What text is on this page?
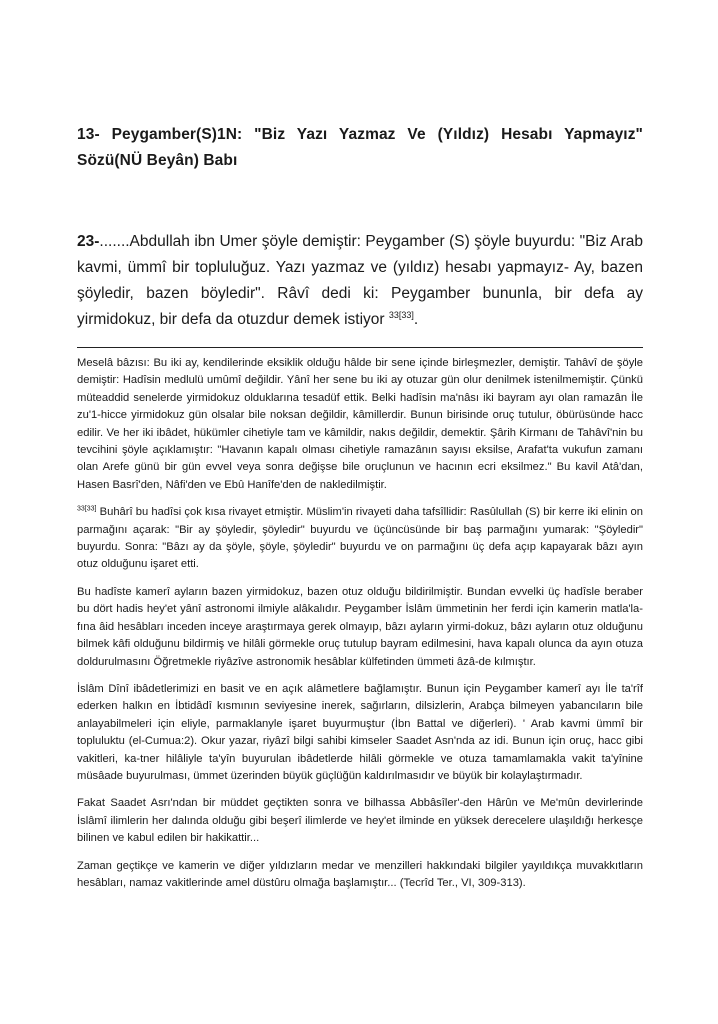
13- Peygamber(S)1N: "Biz Yazı Yazmaz Ve (Yıldız) Hesabı Yapmayız" Sözü(NÜ Beyân) Babı

23-.......Abdullah ibn Umer şöyle demiştir: Peygamber (S) şöyle buyurdu: "Biz Arab kavmi, ümmî bir topluluğuz. Yazı yazmaz ve (yıldız) hesabı yapmayız- Ay, bazen şöyledir, bazen böyledir". Râvî dedi ki: Peygamber bununla, bir defa ay yirmidokuz, bir defa da otuzdur demek istiyor $^{33[33]}$.

Meselâ bâzısı: Bu iki ay, kendilerinde eksiklik olduğu hâlde bir sene içinde birleşmezler, demiştir. Tahâvî de şöyle demiştir: Hadîsin medlulü umûmî değildir. Yânî her sene bu iki ay otuzar gün olur denilmek istenilmemiştir. Çünkü müteaddid senelerde yirmidokuz olduklarına tesadüf ettik. Belki hadîsin ma'nâsı iki bayram ayı olan ramazân İle zu'1-hicce yirmidokuz gün olsalar bile noksan değildir, kâmillerdir. Bunun birisinde oruç tutulur, öbürüsünde hacc edilir. Ve her iki ibâdet, hükümler cihetiyle tam ve kâmildir, nakıs değildir, demektir. Şârih Kirmanı de Tahâvî'nin bu tevcihini şöyle açıklamıştır: "Havanın kapalı olması cihetiyle ramazânın sayısı eksilse, Arafat'ta vukufun zamanı olan Arefe günü bir gün evvel veya sonra değişse bile oruçlunun ve hacının ecri eksilmez." Bu kavil Atâ'dan, Hasen Basrî'den, Nâfi'den ve Ebû Hanîfe'den de nakledilmiştir.

$^{33[33]}$ Buhârî bu hadîsi çok kısa rivayet etmiştir. Müslim'in rivayeti daha tafsîllidir: Rasûlullah (S) bir kerre iki elinin on parmağını açarak: "Bir ay şöyledir, şöyledir" buyurdu ve üçüncüsünde bir baş parmağını yumarak: "Şöyledir" buyurdu. Sonra: "Bâzı ay da şöyle, şöyle, şöyledir" buyurdu ve on parmağını üç defa açıp kapayarak bâzı ayın otuz olduğunu işaret etti.

Bu hadîste kamerî ayların bazen yirmidokuz, bazen otuz olduğu bildirilmiştir. Bundan evvelki üç hadîsle beraber bu dört hadis hey'et yânî astronomi ilmiyle alâkalıdır. Peygamber İslâm ümmetinin her ferdi için kamerin matla'la-fına âid hesâbları inceden inceye araştırmaya gerek olmayıp, bâzı ayların yirmi-dokuz, bâzı ayların otuz olduğunu bilmek kâfi olduğunu bildirmiş ve hilâli görmekle oruç tutulup bayram edilmesini, hava kapalı olunca da ayın otuza doldurulmasını Öğretmekle riyâzîve astronomik hesâblar külfetinden ümmeti âzâ-de kılmıştır.

İslâm Dînî ibâdetlerimizi en basit ve en açık alâmetlere bağlamıştır. Bunun için Peygamber kamerî ayı İle ta'rîf ederken halkın en İbtidâdî kısmının seviyesine inerek, sağırların, dilsizlerin, Arabça bilmeyen yabancıların bile anlayabilmeleri için eliyle, parmaklanyle işaret buyurmuştur (İbn Battal ve diğerleri). ' Arab kavmi ümmî bir topluluktu (el-Cumua:2). Okur yazar, riyâzî bilgi sahibi kimseler Saadet Asn'nda az idi. Bunun için oruç, hacc gibi vakitleri, ka-tner hilâliyle ta'yîn buyurulan ibâdetlerde hilâli görmekle ve otuza tamamlamakla vakit ta'yînine müsâade buyurulması, ümmet üzerinden büyük güçlüğün kaldırılmasıdır ve büyük bir kolaylaştırmadır.

Fakat Saadet Asrı'ndan bir müddet geçtikten sonra ve bilhassa Abbâsîler'-den Hârûn ve Me'mûn devirlerinde İslâmî ilimlerin her dalında olduğu gibi beşerî ilimlerde ve hey'et ilminde en yüksek derecelere ulaşıldığı herkesçe bilinen ve kabul edilen bir hakikattir...

Zaman geçtikçe ve kamerin ve diğer yıldızların medar ve menzilleri hakkındaki bilgiler yayıldıkça muvakkıtların hesâbları, namaz vakitlerinde amel düstûru olmağa başlamıştır... (Tecrîd Ter., VI, 309-313).
